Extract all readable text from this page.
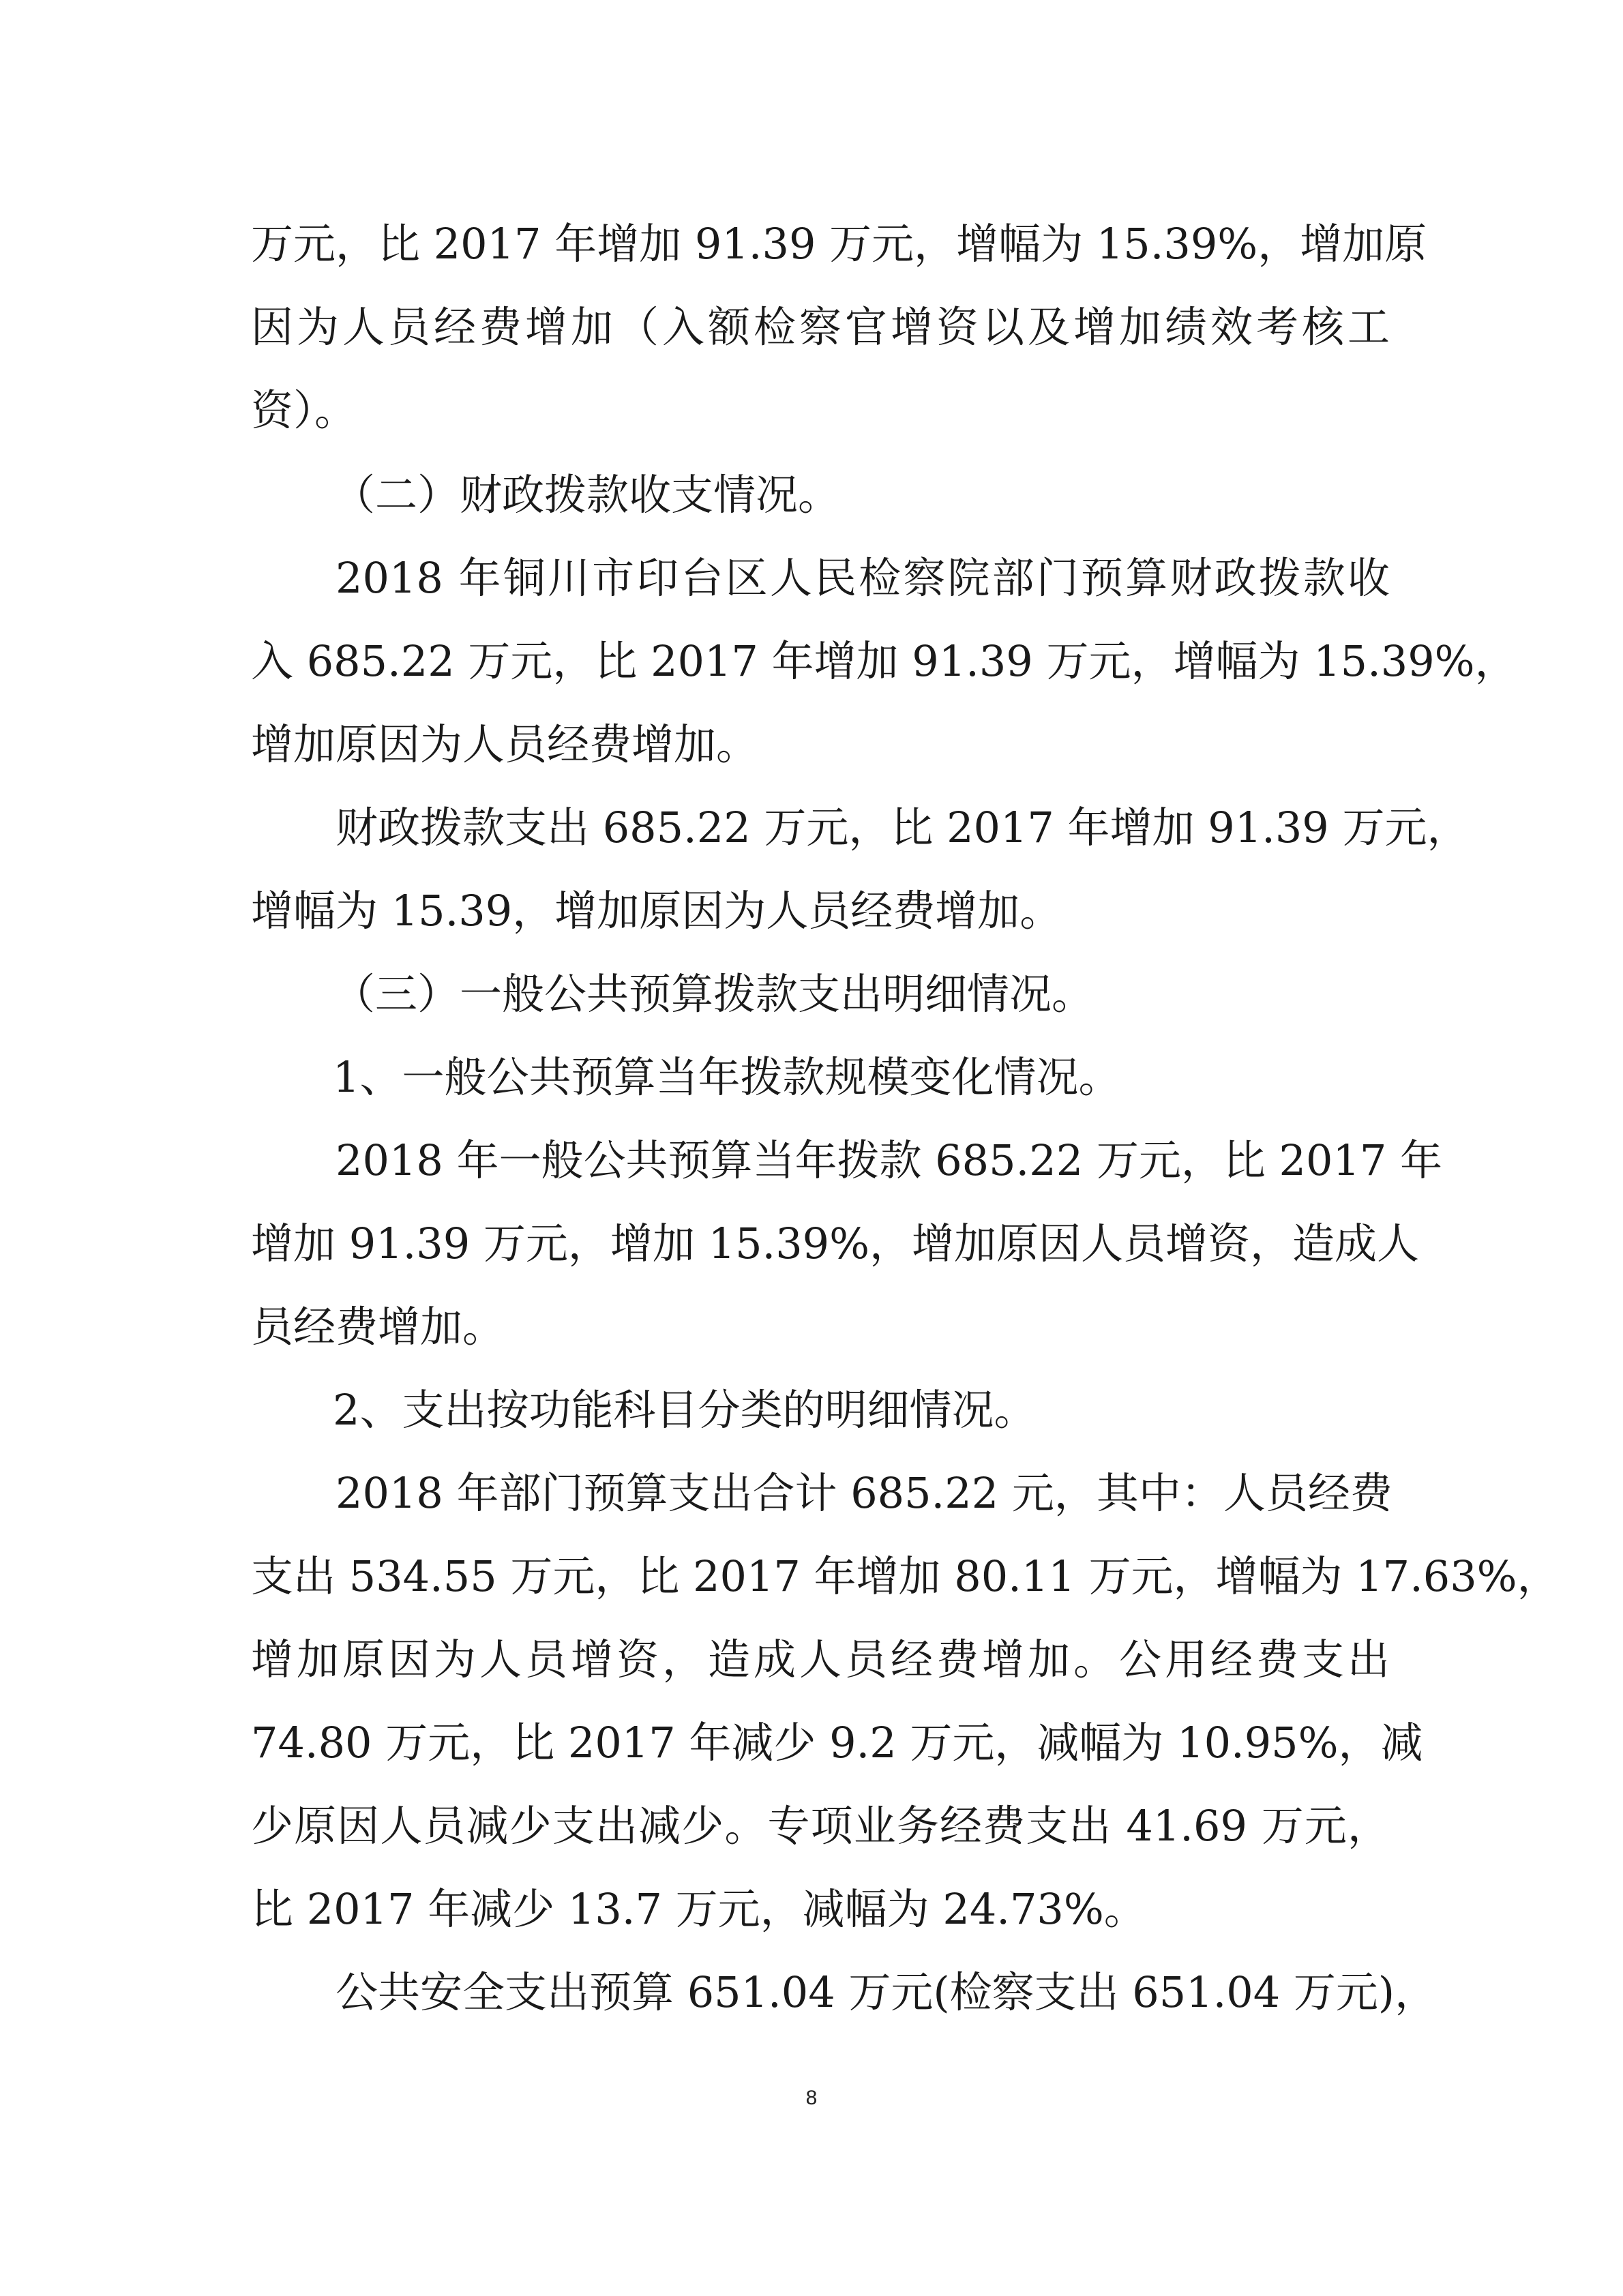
万元，比 2017 年增加 91.39 万元，增幅为 15.39%，增加原
因为人员经费增加（入额检察官增资以及增加绩效考核工
资）。
（二）财政拨款收支情况。
2018 年铜川市印台区人民检察院部门预算财政拨款收
入 685.22 万元，比 2017 年增加 91.39 万元，增幅为 15.39%，
增加原因为人员经费增加。
财政拨款支出 685.22 万元，比 2017 年增加 91.39 万元，
增幅为 15.39，增加原因为人员经费增加。
（三）一般公共预算拨款支出明细情况。
1、一般公共预算当年拨款规模变化情况。
2018 年一般公共预算当年拨款 685.22 万元，比 2017 年
增加 91.39 万元，增加 15.39%，增加原因人员增资，造成人
员经费增加。
2、支出按功能科目分类的明细情况。
2018 年部门预算支出合计 685.22 元，其中：人员经费
支出 534.55 万元，比 2017 年增加 80.11 万元，增幅为 17.63%，
增加原因为人员增资，造成人员经费增加。公用经费支出
74.80 万元，比 2017 年减少 9.2 万元，减幅为 10.95%，减
少原因人员减少支出减少。专项业务经费支出 41.69 万元，
比 2017 年减少 13.7 万元，减幅为 24.73%。
公共安全支出预算 651.04 万元(检察支出 651.04 万元)，
8
